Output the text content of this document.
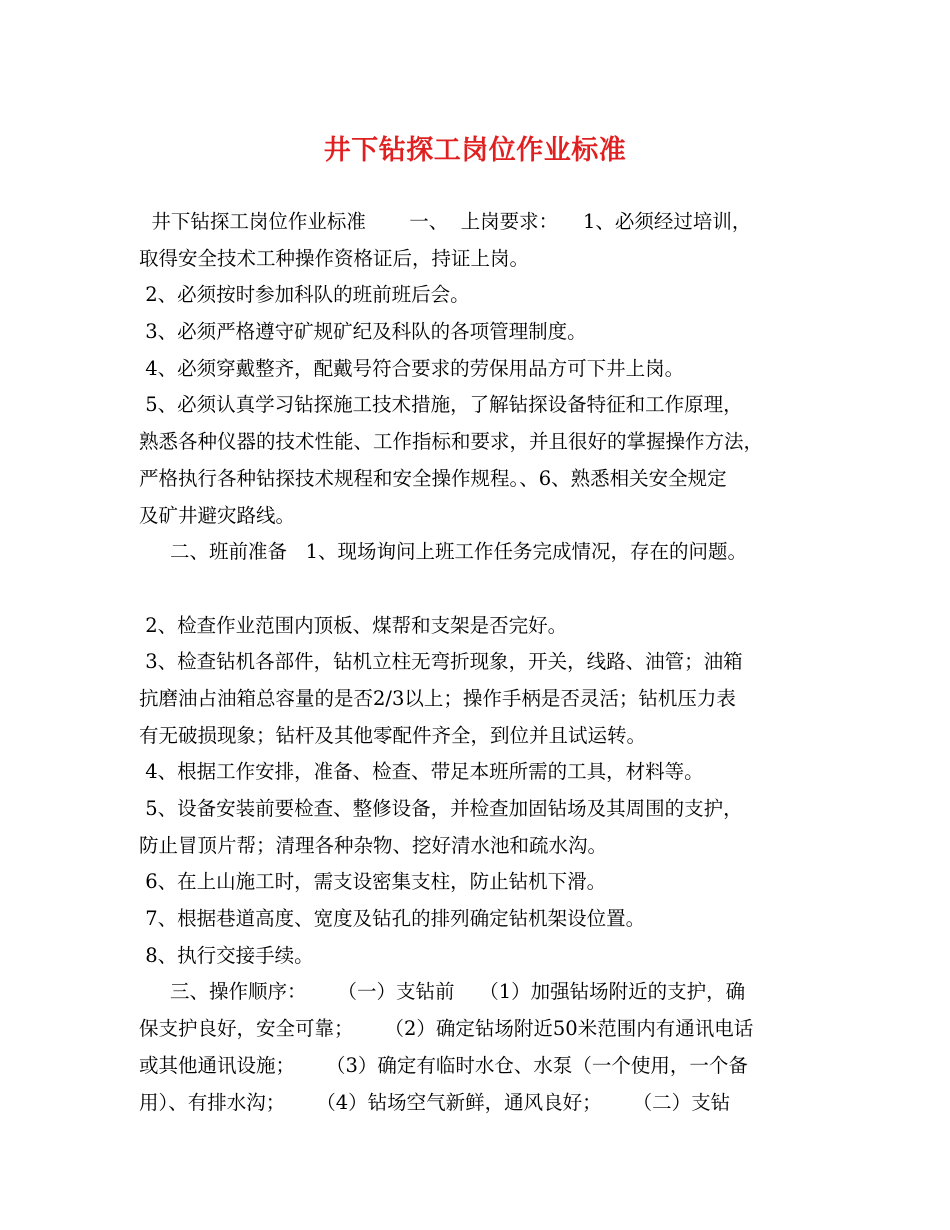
井下钻探工岗位作业标准
井下钻探工岗位作业标准       一、  上岗要求：    1、必须经过培训，
取得安全技术工种操作资格证后，持证上岗。
2、必须按时参加科队的班前班后会。
3、必须严格遵守矿规矿纪及科队的各项管理制度。
4、必须穿戴整齐，配戴号符合要求的劳保用品方可下井上岗。
5、必须认真学习钻探施工技术措施，了解钻探设备特征和工作原理，
熟悉各种仪器的技术性能、工作指标和要求，并且很好的掌握操作方法，
严格执行各种钻探技术规程和安全操作规程。、6、熟悉相关安全规定
及矿井避灾路线。
二、班前准备   1、现场询问上班工作任务完成情况，存在的问题。
2、检查作业范围内顶板、煤帮和支架是否完好。
3、检查钻机各部件，钻机立柱无弯折现象，开关，线路、油管；油箱
抗磨油占油箱总容量的是否2/3以上；操作手柄是否灵活；钻机压力表
有无破损现象；钻杆及其他零配件齐全，到位并且试运转。
4、根据工作安排，准备、检查、带足本班所需的工具，材料等。
5、设备安装前要检查、整修设备，并检查加固钻场及其周围的支护，
防止冒顶片帮；清理各种杂物、挖好清水池和疏水沟。
6、在上山施工时，需支设密集支柱，防止钻机下滑。
7、根据巷道高度、宽度及钻孔的排列确定钻机架设位置。
8、执行交接手续。
三、操作顺序：     （一）支钻前    （1）加强钻场附近的支护，确
保支护良好，安全可靠；     （2）确定钻场附近50米范围内有通讯电话
或其他通讯设施；     （3）确定有临时水仓、水泵（一个使用，一个备
用）、有排水沟；     （4）钻场空气新鲜，通风良好；     （二）支钻
